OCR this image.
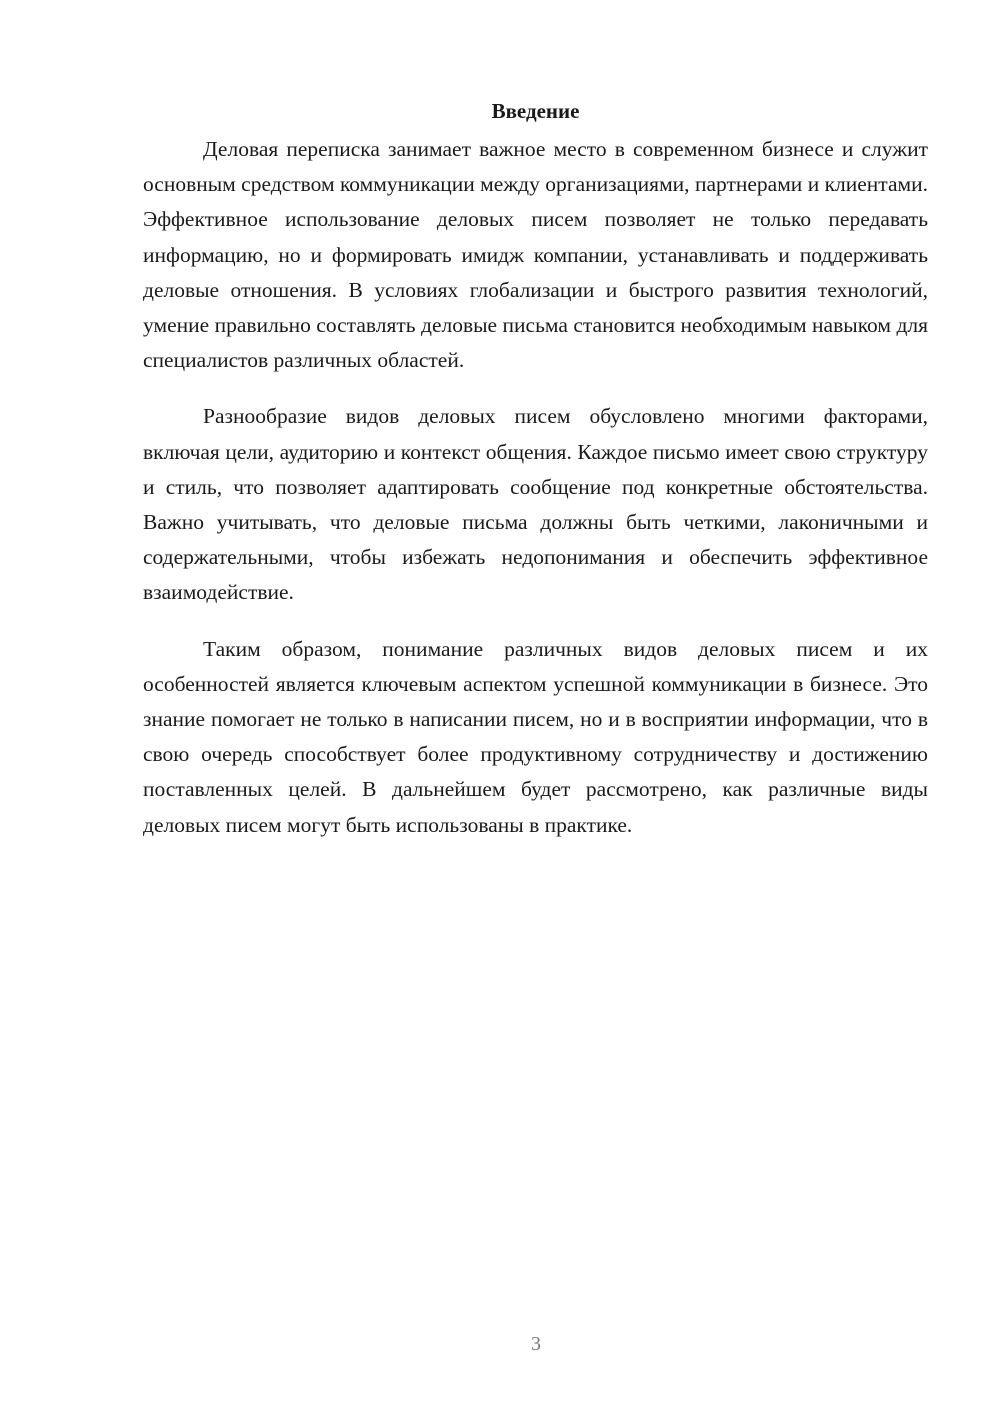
Введение

Деловая переписка занимает важное место в современном бизнесе и служит основным средством коммуникации между организациями, партнерами и клиентами. Эффективное использование деловых писем позволяет не только передавать информацию, но и формировать имидж компании, устанавливать и поддерживать деловые отношения. В условиях глобализации и быстрого развития технологий, умение правильно составлять деловые письма становится необходимым навыком для специалистов различных областей.

Разнообразие видов деловых писем обусловлено многими факторами, включая цели, аудиторию и контекст общения. Каждое письмо имеет свою структуру и стиль, что позволяет адаптировать сообщение под конкретные обстоятельства. Важно учитывать, что деловые письма должны быть четкими, лаконичными и содержательными, чтобы избежать недопонимания и обеспечить эффективное взаимодействие.

Таким образом, понимание различных видов деловых писем и их особенностей является ключевым аспектом успешной коммуникации в бизнесе. Это знание помогает не только в написании писем, но и в восприятии информации, что в свою очередь способствует более продуктивному сотрудничеству и достижению поставленных целей. В дальнейшем будет рассмотрено, как различные виды деловых писем могут быть использованы в практике.

3
